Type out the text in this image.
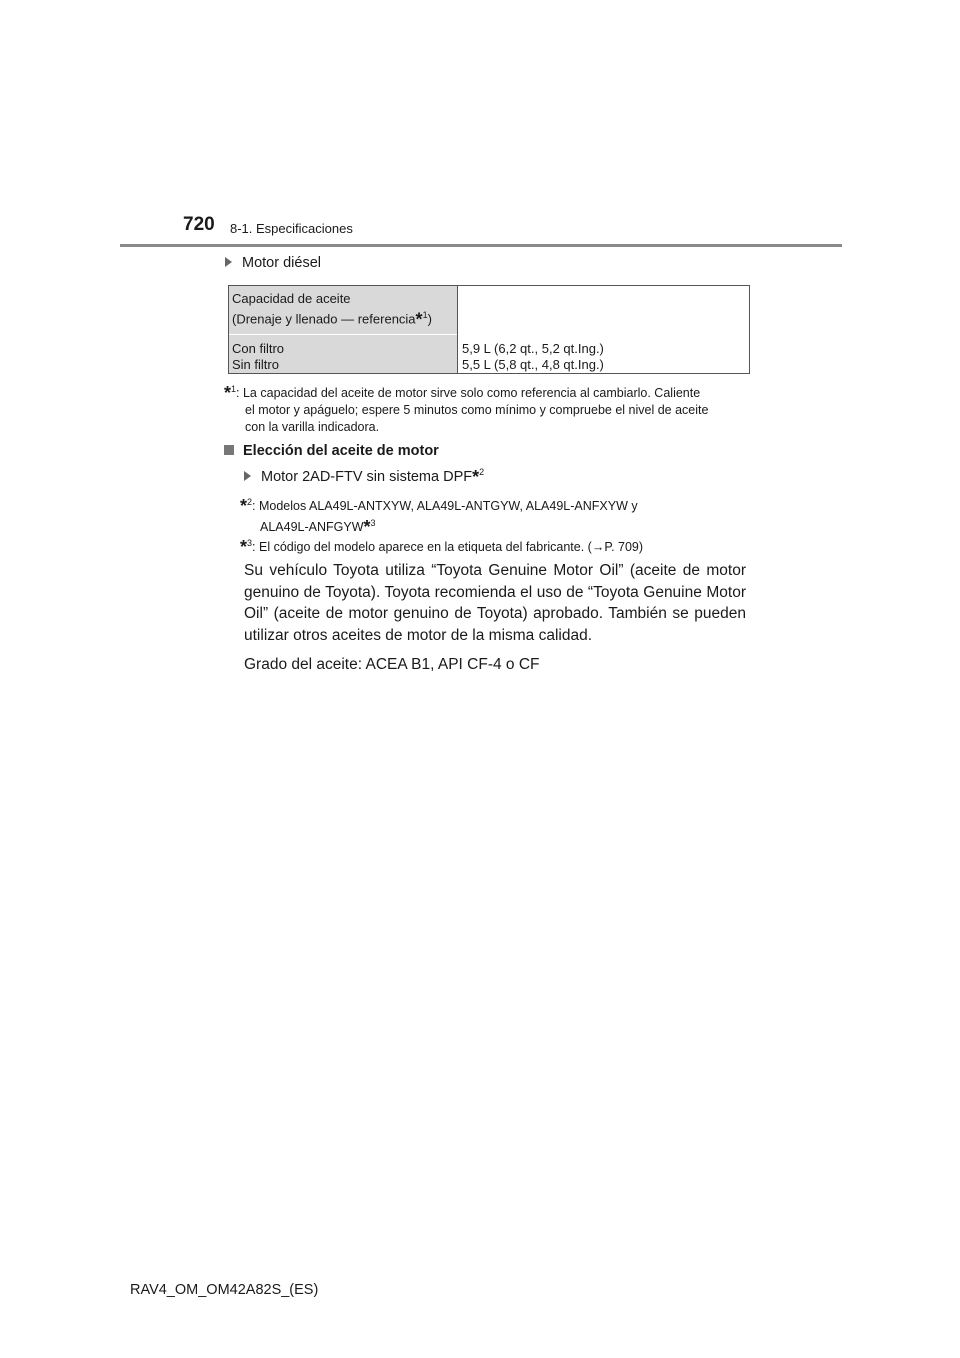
720 8-1. Especificaciones
Motor diésel
Capacidad de aceite
(Drenaje y llenado — referencia*$^1$)
Con filtro
Sin filtro
5,9 L (6,2 qt., 5,2 qt.Ing.)
5,5 L (5,8 qt., 4,8 qt.Ing.)
*$^1$: La capacidad del aceite de motor sirve solo como referencia al cambiarlo. Caliente
el motor y apáguelo; espere 5 minutos como mínimo y compruebe el nivel de aceite
con la varilla indicadora.
Elección del aceite de motor
Motor 2AD-FTV sin sistema DPF*$^2$
*$^2$: Modelos ALA49L-ANTXYW, ALA49L-ANTGYW, ALA49L-ANFXYW y
ALA49L-ANFGYW*$^3$
*$^3$: El código del modelo aparece en la etiqueta del fabricante. (→P. 709)
Su vehículo Toyota utiliza “Toyota Genuine Motor Oil” (aceite de motor genuino de Toyota). Toyota recomienda el uso de “Toyota Genuine Motor Oil” (aceite de motor genuino de Toyota) aprobado. También se pueden utilizar otros aceites de motor de la misma calidad.
Grado del aceite: ACEA B1, API CF-4 o CF
RAV4_OM_OM42A82S_(ES)
